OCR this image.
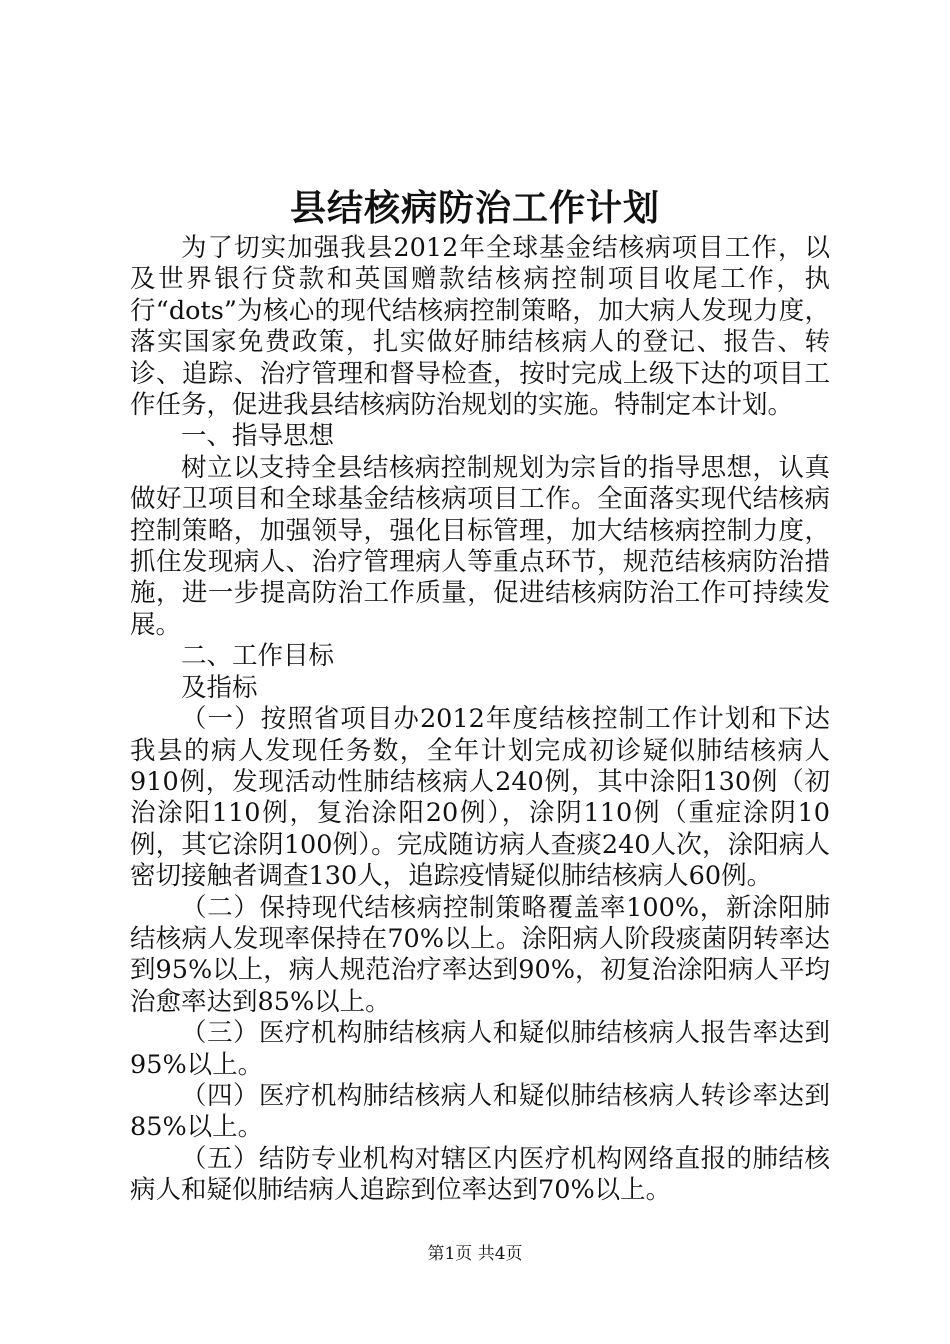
县结核病防治工作计划

为了切实加强我县2012年全球基金结核病项目工作，以及世界银行贷款和英国赠款结核病控制项目收尾工作，执行“dots”为核心的现代结核病控制策略，加大病人发现力度，落实国家免费政策，扎实做好肺结核病人的登记、报告、转诊、追踪、治疗管理和督导检查，按时完成上级下达的项目工作任务，促进我县结核病防治规划的实施。特制定本计划。

一、指导思想

树立以支持全县结核病控制规划为宗旨的指导思想，认真做好卫项目和全球基金结核病项目工作。全面落实现代结核病控制策略，加强领导，强化目标管理，加大结核病控制力度，抓住发现病人、治疗管理病人等重点环节，规范结核病防治措施，进一步提高防治工作质量，促进结核病防治工作可持续发展。

二、工作目标

及指标

（一）按照省项目办2012年度结核控制工作计划和下达我县的病人发现任务数，全年计划完成初诊疑似肺结核病人910例，发现活动性肺结核病人240例，其中涂阳130例（初治涂阳110例，复治涂阳20例），涂阴110例（重症涂阴10例，其它涂阴100例）。完成随访病人查痰240人次，涂阳病人密切接触者调查130人，追踪疫情疑似肺结核病人60例。

（二）保持现代结核病控制策略覆盖率100%，新涂阳肺结核病人发现率保持在70%以上。涂阳病人阶段痰菌阴转率达到95%以上，病人规范治疗率达到90%，初复治涂阳病人平均治愈率达到85%以上。

（三）医疗机构肺结核病人和疑似肺结核病人报告率达到95%以上。

（四）医疗机构肺结核病人和疑似肺结核病人转诊率达到85%以上。

（五）结防专业机构对辖区内医疗机构网络直报的肺结核病人和疑似肺结病人追踪到位率达到70%以上。

第1页 共4页
